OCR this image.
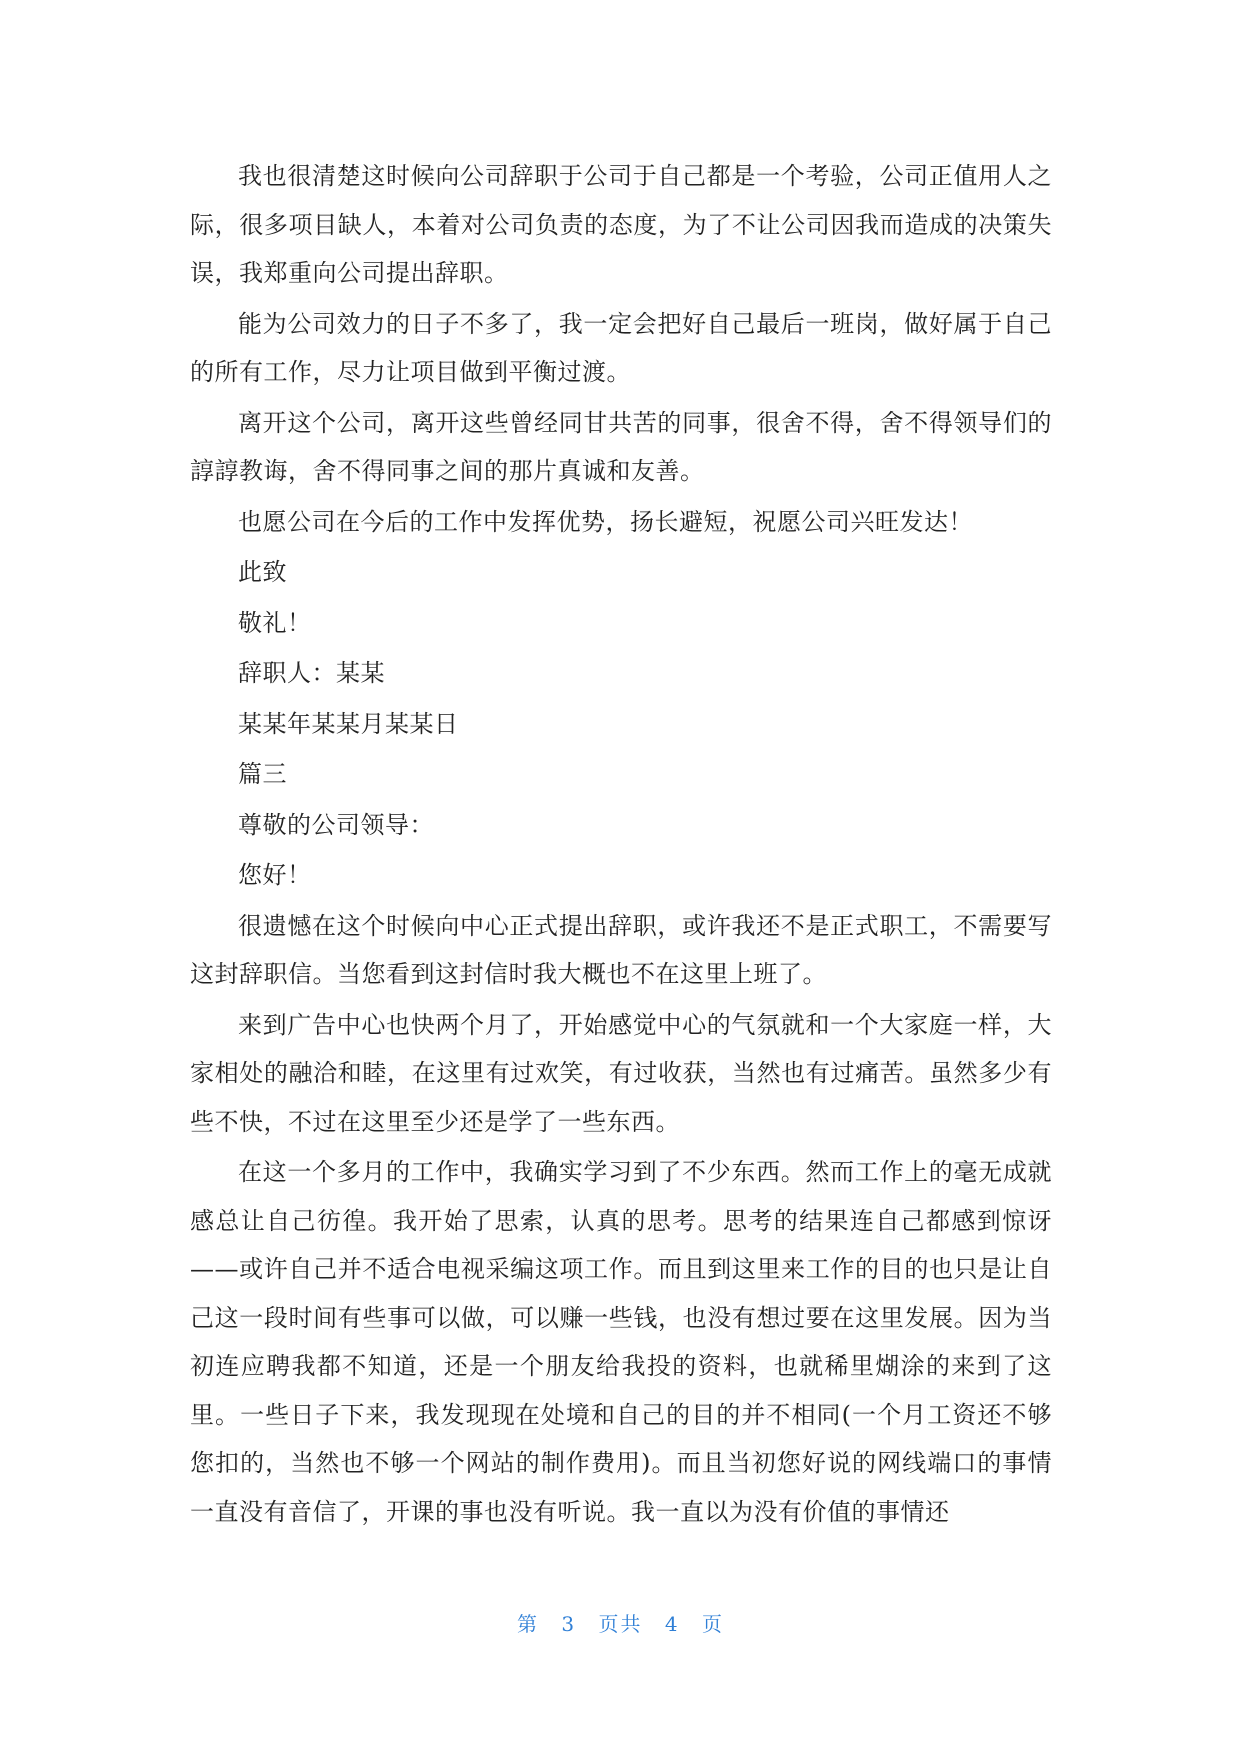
我也很清楚这时候向公司辞职于公司于自己都是一个考验，公司正值用人之际，很多项目缺人，本着对公司负责的态度，为了不让公司因我而造成的决策失误，我郑重向公司提出辞职。

能为公司效力的日子不多了，我一定会把好自己最后一班岗，做好属于自己的所有工作，尽力让项目做到平衡过渡。

离开这个公司，离开这些曾经同甘共苦的同事，很舍不得，舍不得领导们的諄諄教诲，舍不得同事之间的那片真诚和友善。

也愿公司在今后的工作中发挥优势，扬长避短，祝愿公司兴旺发达！

此致

敬礼！

辞职人：某某

某某年某某月某某日

篇三

尊敬的公司领导：

您好！

很遗憾在这个时候向中心正式提出辞职，或许我还不是正式职工，不需要写这封辞职信。当您看到这封信时我大概也不在这里上班了。

来到广告中心也快两个月了，开始感觉中心的气氛就和一个大家庭一样，大家相处的融洽和睦，在这里有过欢笑，有过收获，当然也有过痛苦。虽然多少有些不快，不过在这里至少还是学了一些东西。

在这一个多月的工作中，我确实学习到了不少东西。然而工作上的毫无成就感总让自己彷徨。我开始了思索，认真的思考。思考的结果连自己都感到惊讶——或许自己并不适合电视采编这项工作。而且到这里来工作的目的也只是让自己这一段时间有些事可以做，可以赚一些钱，也没有想过要在这里发展。因为当初连应聘我都不知道，还是一个朋友给我投的资料，也就稀里煳涂的来到了这里。一些日子下来，我发现现在处境和自己的目的并不相同(一个月工资还不够您扣的，当然也不够一个网站的制作费用)。而且当初您好说的网线端口的事情一直没有音信了，开课的事也没有听说。我一直以为没有价值的事情还

第 3 页共 4 页
